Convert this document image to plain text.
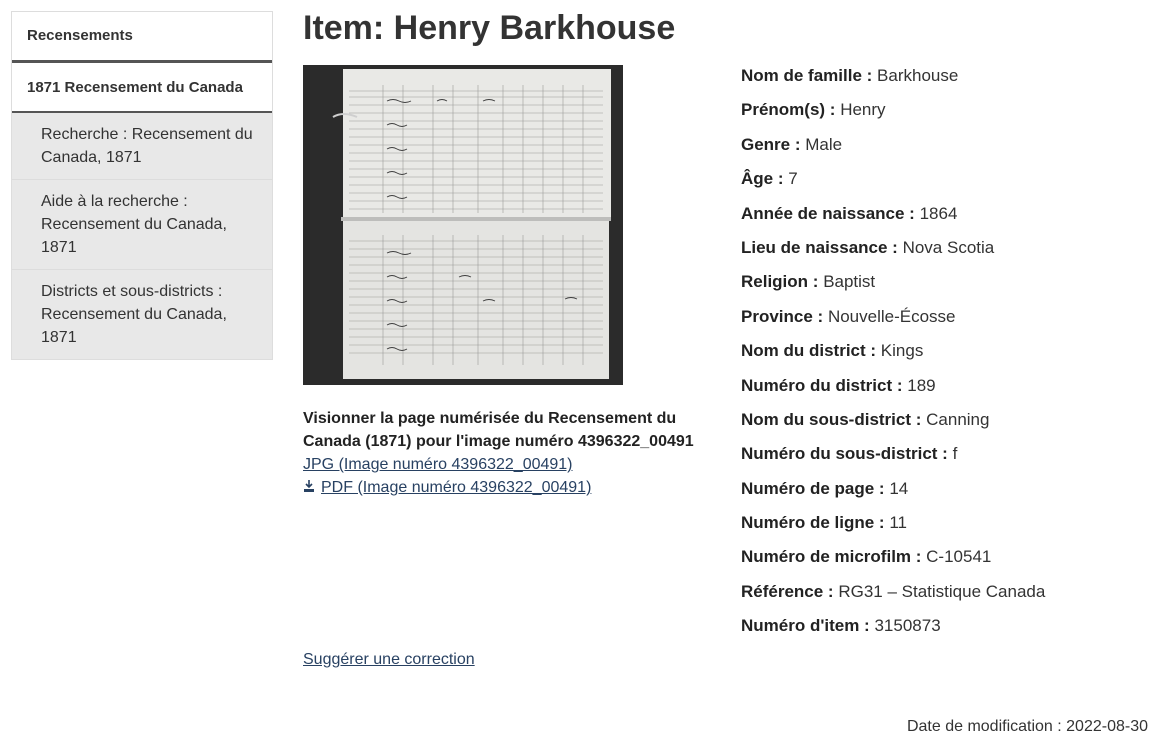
Recensements
1871 Recensement du Canada
Recherche : Recensement du Canada, 1871
Aide à la recherche : Recensement du Canada, 1871
Districts et sous-districts : Recensement du Canada, 1871
Item: Henry Barkhouse
Visionner la page numérisée du Recensement du Canada (1871) pour l'image numéro 4396322_00491
JPG (Image numéro 4396322_00491)
PDF (Image numéro 4396322_00491)
Suggérer une correction
Nom de famille : Barkhouse
Prénom(s) : Henry
Genre : Male
Âge : 7
Année de naissance : 1864
Lieu de naissance : Nova Scotia
Religion : Baptist
Province : Nouvelle-Écosse
Nom du district : Kings
Numéro du district : 189
Nom du sous-district : Canning
Numéro du sous-district : f
Numéro de page : 14
Numéro de ligne : 11
Numéro de microfilm : C-10541
Référence : RG31 – Statistique Canada
Numéro d'item : 3150873
Date de modification : 2022-08-30
